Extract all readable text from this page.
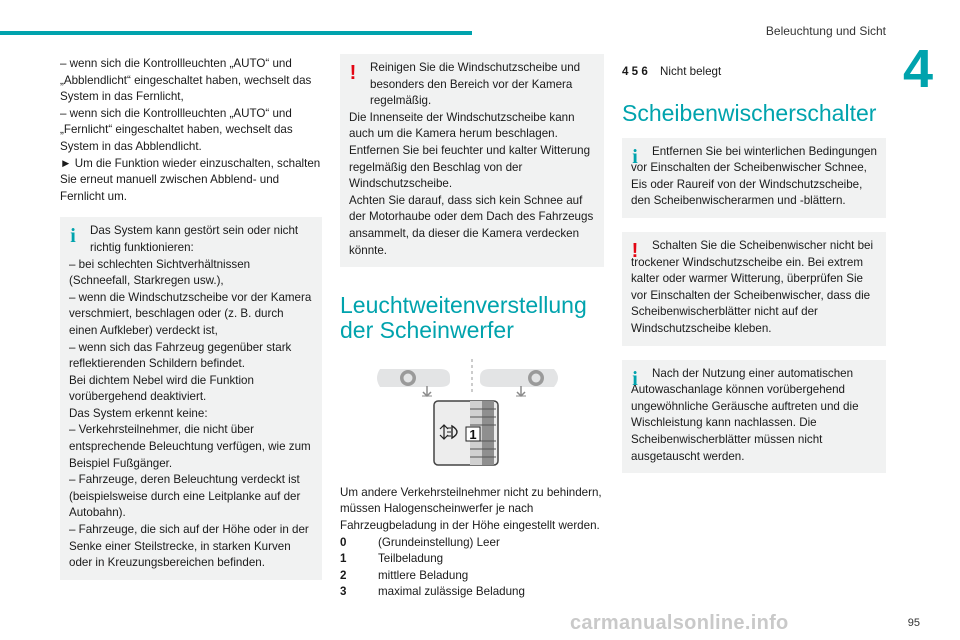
Beleuchtung und Sicht
4
– wenn sich die Kontrollleuchten „AUTO“ und „Abblendlicht“ eingeschaltet haben, wechselt das System in das Fernlicht,
– wenn sich die Kontrollleuchten „AUTO“ und „Fernlicht“ eingeschaltet haben, wechselt das System in das Abblendlicht.
► Um die Funktion wieder einzuschalten, schalten Sie erneut manuell zwischen Abblend- und Fernlicht um.
i	Das System kann gestört sein oder nicht richtig funktionieren:
– bei schlechten Sichtverhältnissen (Schneefall, Starkregen usw.),
– wenn die Windschutzscheibe vor der Kamera verschmiert, beschlagen oder (z. B. durch einen Aufkleber) verdeckt ist,
– wenn sich das Fahrzeug gegenüber stark reflektierenden Schildern befindet.
Bei dichtem Nebel wird die Funktion vorübergehend deaktiviert.
Das System erkennt keine:
– Verkehrsteilnehmer, die nicht über entsprechende Beleuchtung verfügen, wie zum Beispiel Fußgänger.
– Fahrzeuge, deren Beleuchtung verdeckt ist (beispielsweise durch eine Leitplanke auf der Autobahn).
– Fahrzeuge, die sich auf der Höhe oder in der Senke einer Steilstrecke, in starken Kurven oder in Kreuzungsbereichen befinden.
!	Reinigen Sie die Windschutzscheibe und besonders den Bereich vor der Kamera regelmäßig.
Die Innenseite der Windschutzscheibe kann auch um die Kamera herum beschlagen. Entfernen Sie bei feuchter und kalter Witterung regelmäßig den Beschlag von der Windschutzscheibe.
Achten Sie darauf, dass sich kein Schnee auf der Motorhaube oder dem Dach des Fahrzeugs ansammelt, da dieser die Kamera verdecken könnte.
Leuchtweitenverstellung der Scheinwerfer
1
Um andere Verkehrsteilnehmer nicht zu behindern, müssen Halogenscheinwerfer je nach Fahrzeugbeladung in der Höhe eingestellt werden.
0	(Grundeinstellung) Leer
1	Teilbeladung
2	mittlere Beladung
3	maximal zulässige Beladung
4 5 6	Nicht belegt
Scheibenwischerschalter
i	Entfernen Sie bei winterlichen Bedingungen vor Einschalten der Scheibenwischer Schnee, Eis oder Raureif von der Windschutzscheibe, den Scheibenwischerarmen und -blättern.
!	Schalten Sie die Scheibenwischer nicht bei trockener Windschutzscheibe ein. Bei extrem kalter oder warmer Witterung, überprüfen Sie vor Einschalten der Scheibenwischer, dass die Scheibenwischerblätter nicht auf der Windschutzscheibe kleben.
i	Nach der Nutzung einer automatischen Autowaschanlage können vorübergehend ungewöhnliche Geräusche auftreten und die Wischleistung kann nachlassen. Die Scheibenwischerblätter müssen nicht ausgetauscht werden.
carmanualsonline.info	95
